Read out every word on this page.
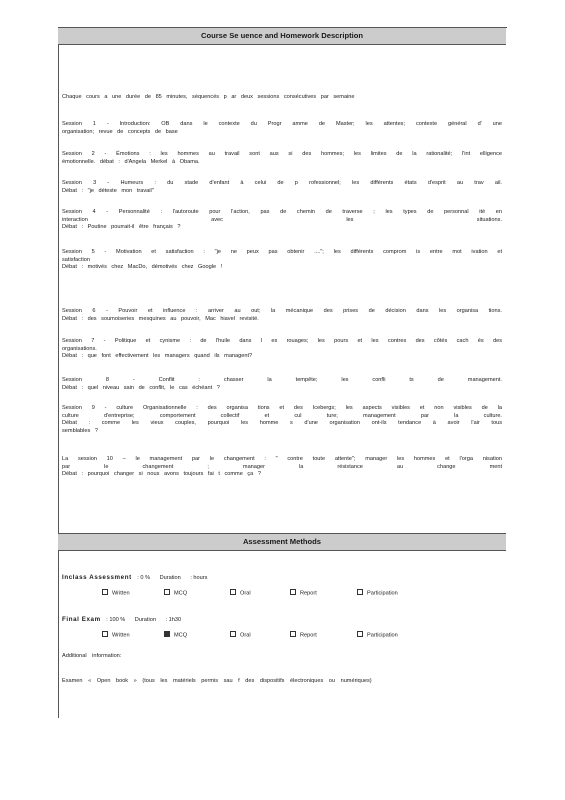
Course Se uence and Homework Description

Chaque cours a une durée de 85 minutes, séquencés p ar deux sessions consécutives par semaine

Session 1 - Introduction: OB dans le contexte du Progr amme de Master; les attentes; contexte général d' une
organisation; revue de concepts de base

Session 2 - Émotions : les hommes au travail sont aus si des hommes; les limites de la rationalité; l'int elligence
émotionnelle. débat : d'Angela Merkel à Obama.

Session 3 - Humeurs : du stade d'enfant à celui de p rofessionnel; les différents états d'esprit au trav ail.
Débat : "je déteste mon travail"

Session 4 - Personnalité : l'autoroute pour l'action, pas de chemin de traverse ; les types de personnal ité en
interaction avec les situations.
Débat : Poutine pourrait-il être français ?

Session 5 - Motivation et satisfaction : "je ne peux pas obtenir ...."; les différents comprom is entre mot ivation et
satisfaction
Débat : motivés chez MacDo, démotivés chez Google !

Session 6 - Pouvoir et influence : arriver au out; la mécanique des prises de décision dans les organisa tions.
Débat : des soumoiseries mesquines au pouvoir, Mac hiavel revisité.

Session 7 - Politique et cynisme : de l'huile dans l es rouages; les pours et les contres des côtés cach és des
organisations.
Débat : que font effectivement les managers quand ils managent?

Session 8 - Conflit : chasser la tempête; les confli ts de management.
Débat : quel niveau sain de conflit, le cas échéant ?

Session 9 - culture Organisationnelle : des organisa tions et des Icebergs; les aspects visibles et non visibles de la
culture d'entreprise; comportement collectif et cul ture; management par la culture.
Débat : comme les vieux couples, pourquoi les homme s d'une organisation ont-ils tendance à avoir l'air tous
semblables ?

La session 10 – le management par le changement : " contre toute attente"; manager les hommes et l'orga nisation
par le changement ; manager la résistance au change ment
Débat : pourquoi changer si nous avons toujours fai t comme ça ?

Assessment Methods
Inclass Assessment : 0 % Duration : hours
Written	MCQ	Oral	Report	Participation
Final Exam : 100 % Duration : 1h30
Written	MCQ	Oral	Report	Participation
Additional information:
Examen « Open book » (tous les matériels permis sau f des dispositifs électroniques ou numériques)
